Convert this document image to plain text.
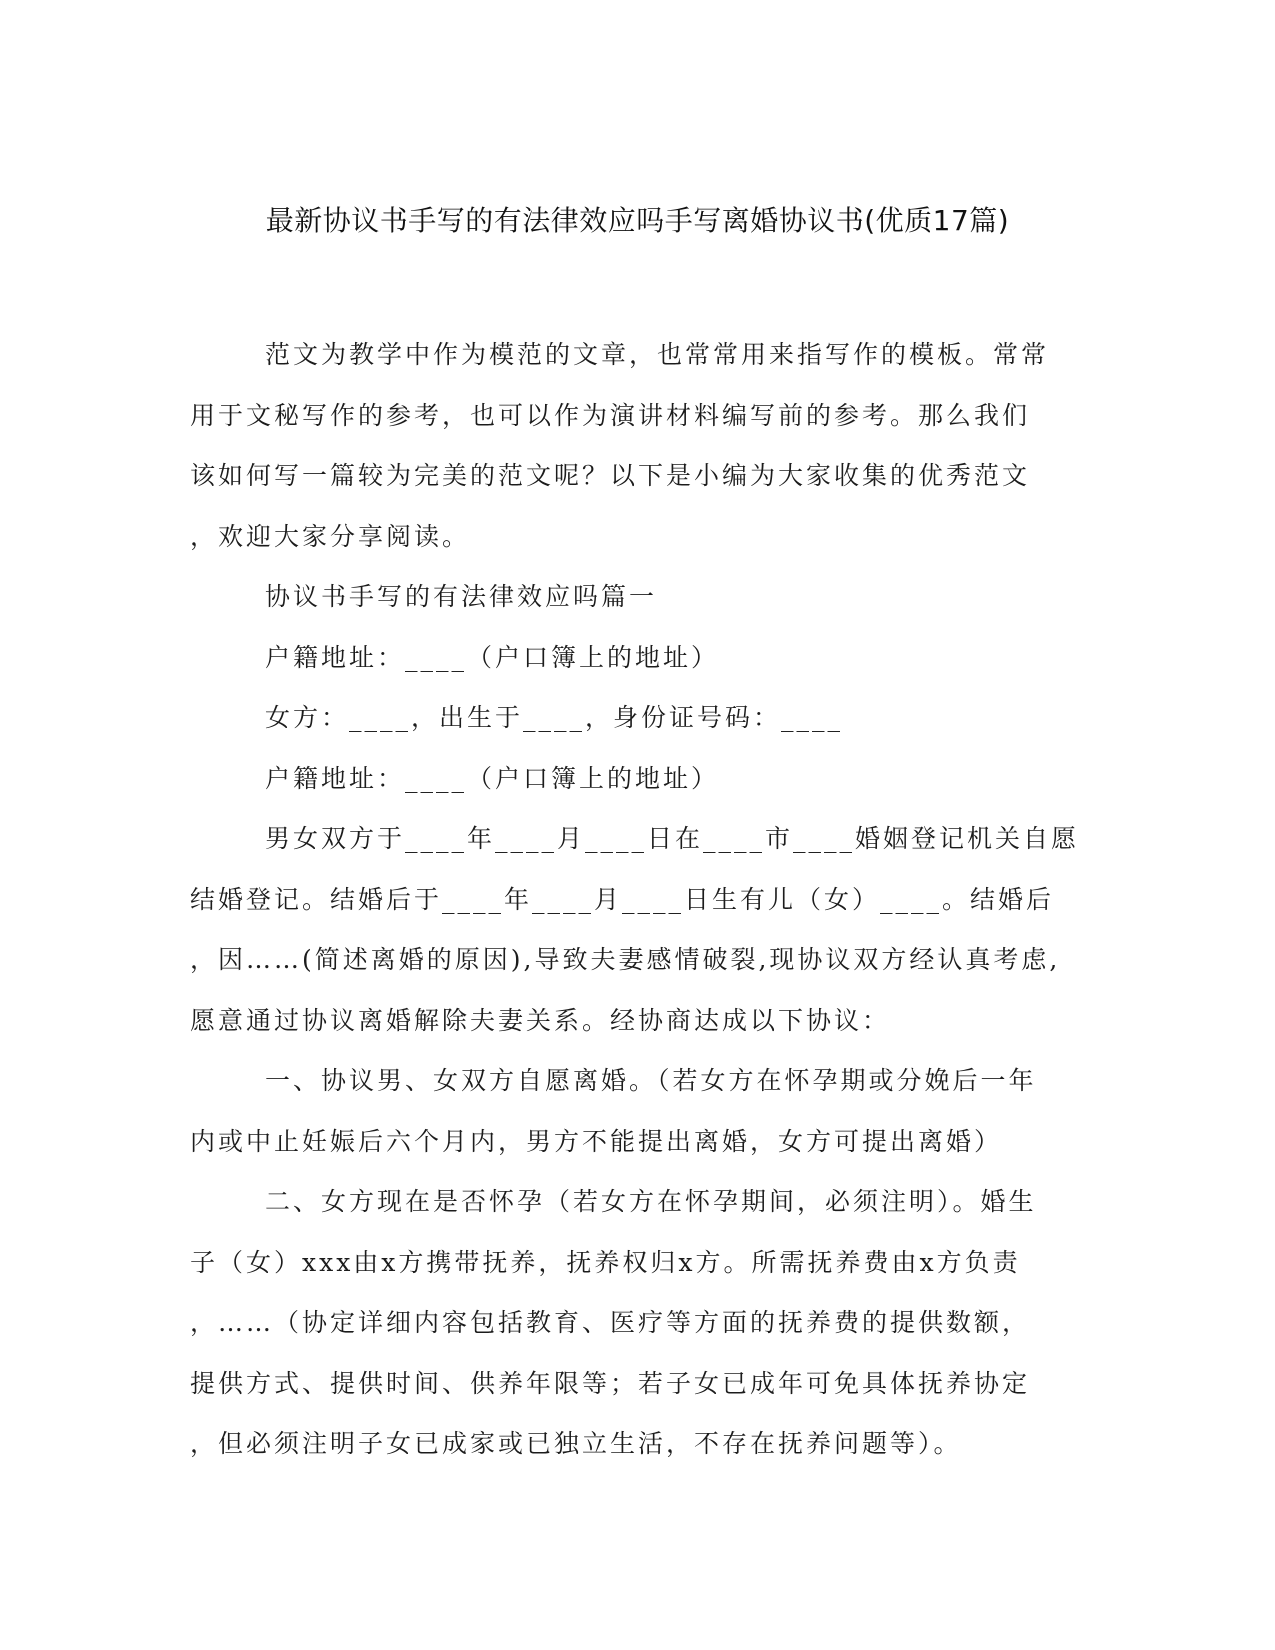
最新协议书手写的有法律效应吗手写离婚协议书(优质17篇)
范文为教学中作为模范的文章，也常常用来指写作的模板。常常
用于文秘写作的参考，也可以作为演讲材料编写前的参考。那么我们
该如何写一篇较为完美的范文呢？以下是小编为大家收集的优秀范文
，欢迎大家分享阅读。
协议书手写的有法律效应吗篇一
户籍地址：____（户口簿上的地址）
女方：____，出生于____，身份证号码：____
户籍地址：____（户口簿上的地址）
男女双方于____年____月____日在____市____婚姻登记机关自愿
结婚登记。结婚后于____年____月____日生有儿（女）____。结婚后
，因……(简述离婚的原因),导致夫妻感情破裂,现协议双方经认真考虑,
愿意通过协议离婚解除夫妻关系。经协商达成以下协议：
一、协议男、女双方自愿离婚。（若女方在怀孕期或分娩后一年
内或中止妊娠后六个月内，男方不能提出离婚，女方可提出离婚）
二、女方现在是否怀孕（若女方在怀孕期间，必须注明）。婚生
子（女）xxx由x方携带抚养，抚养权归x方。所需抚养费由x方负责
，……（协定详细内容包括教育、医疗等方面的抚养费的提供数额，
提供方式、提供时间、供养年限等；若子女已成年可免具体抚养协定
，但必须注明子女已成家或已独立生活，不存在抚养问题等）。
